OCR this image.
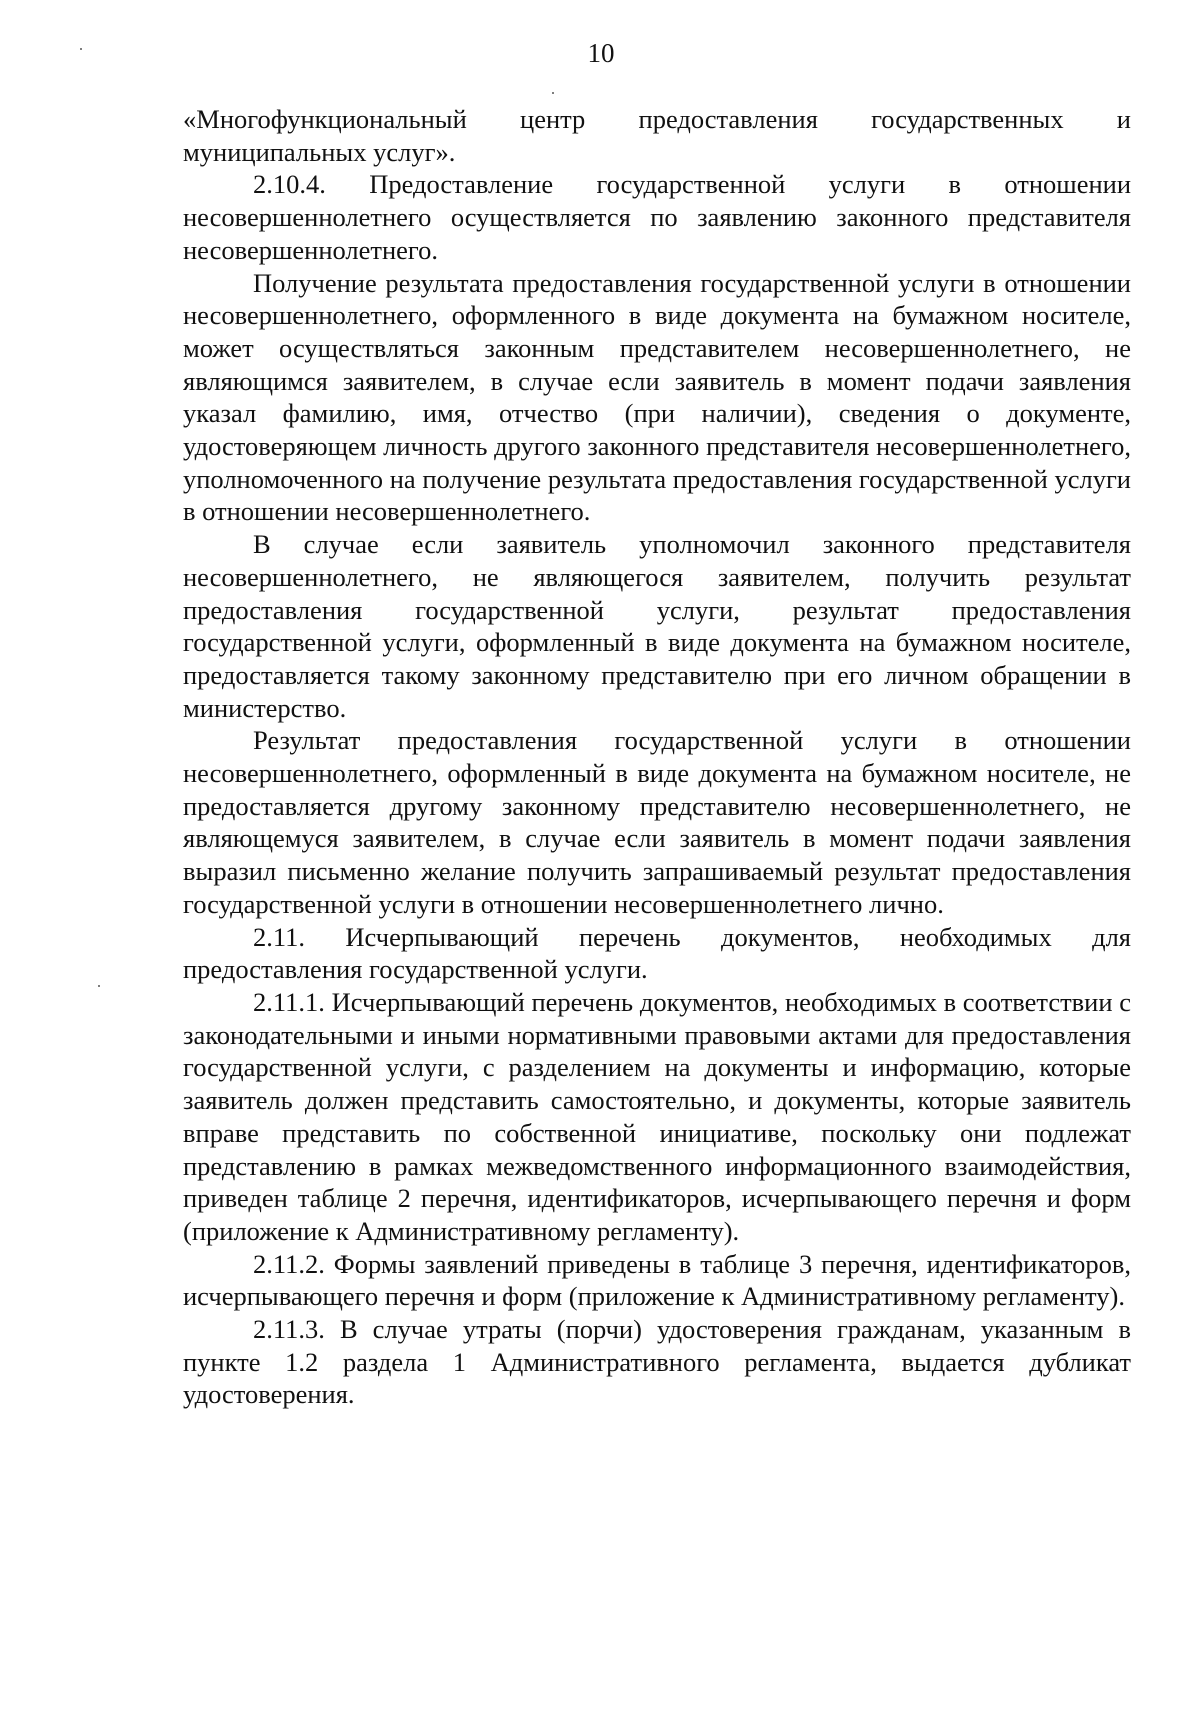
10

«Многофункциональный центр предоставления государственных и муниципальных услуг».

2.10.4. Предоставление государственной услуги в отношении несовершеннолетнего осуществляется по заявлению законного представителя несовершеннолетнего.

Получение результата предоставления государственной услуги в отношении несовершеннолетнего, оформленного в виде документа на бумажном носителе, может осуществляться законным представителем несовершеннолетнего, не являющимся заявителем, в случае если заявитель в момент подачи заявления указал фамилию, имя, отчество (при наличии), сведения о документе, удостоверяющем личность другого законного представителя несовершеннолетнего, уполномоченного на получение результата предоставления государственной услуги в отношении несовершеннолетнего.

В случае если заявитель уполномочил законного представителя несовершеннолетнего, не являющегося заявителем, получить результат предоставления государственной услуги, результат предоставления государственной услуги, оформленный в виде документа на бумажном носителе, предоставляется такому законному представителю при его личном обращении в министерство.

Результат предоставления государственной услуги в отношении несовершеннолетнего, оформленный в виде документа на бумажном носителе, не предоставляется другому законному представителю несовершеннолетнего, не являющемуся заявителем, в случае если заявитель в момент подачи заявления выразил письменно желание получить запрашиваемый результат предоставления государственной услуги в отношении несовершеннолетнего лично.

2.11. Исчерпывающий перечень документов, необходимых для предоставления государственной услуги.

2.11.1. Исчерпывающий перечень документов, необходимых в соответствии с законодательными и иными нормативными правовыми актами для предоставления государственной услуги, с разделением на документы и информацию, которые заявитель должен представить самостоятельно, и документы, которые заявитель вправе представить по собственной инициативе, поскольку они подлежат представлению в рамках межведомственного информационного взаимодействия, приведен таблице 2 перечня, идентификаторов, исчерпывающего перечня и форм (приложение к Административному регламенту).

2.11.2. Формы заявлений приведены в таблице 3 перечня, идентификаторов, исчерпывающего перечня и форм (приложение к Административному регламенту).

2.11.3. В случае утраты (порчи) удостоверения гражданам, указанным в пункте 1.2 раздела 1 Административного регламента, выдается дубликат удостоверения.
